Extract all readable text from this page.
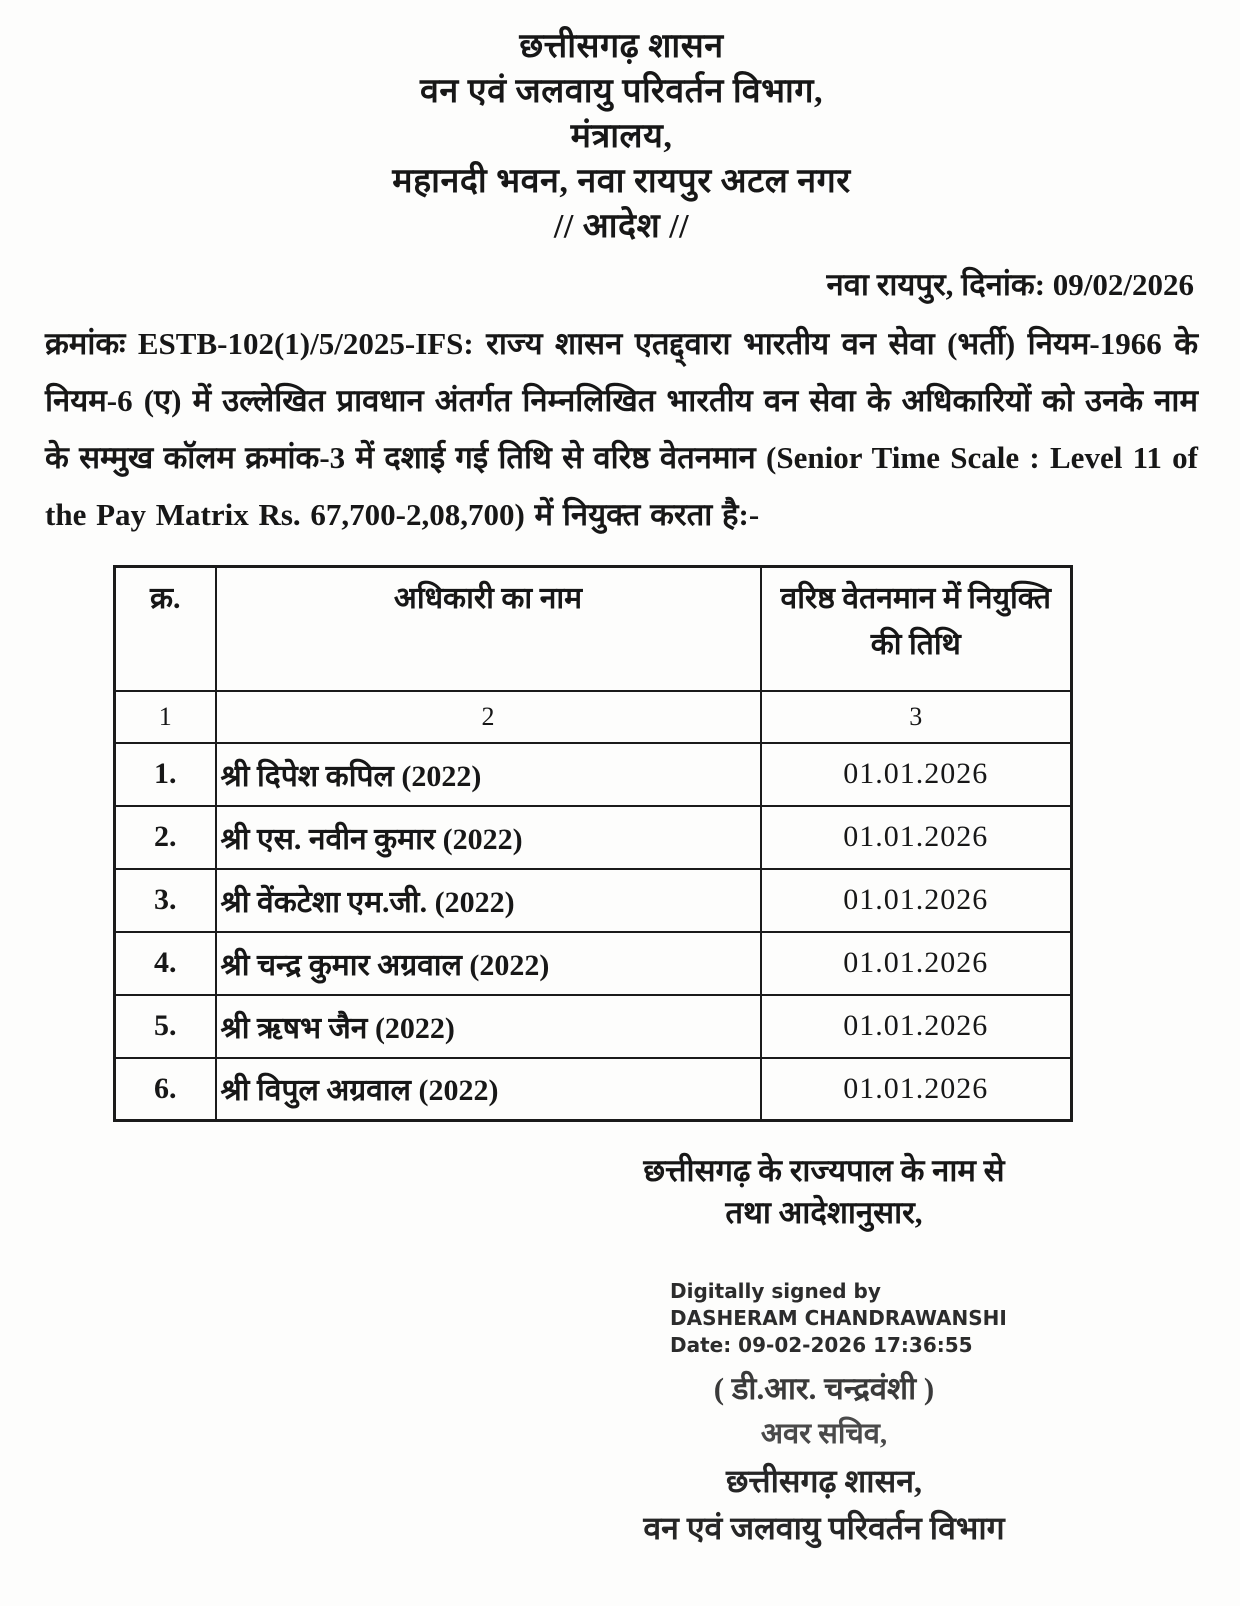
छत्तीसगढ़ शासन
वन एवं जलवायु परिवर्तन विभाग,
मंत्रालय,
महानदी भवन, नवा रायपुर अटल नगर
// आदेश //
नवा रायपुर, दिनांक: 09/02/2026

क्रमांकः ESTB-102(1)/5/2025-IFS: राज्य शासन एतद्द्वारा भारतीय वन सेवा (भर्ती) नियम-1966 के नियम-6 (ए) में उल्लेखित प्रावधान अंतर्गत निम्नलिखित भारतीय वन सेवा के अधिकारियों को उनके नाम के सम्मुख कॉलम क्रमांक-3 में दशाई गई तिथि से वरिष्ठ वेतनमान (Senior Time Scale : Level 11 of the Pay Matrix Rs. 67,700-2,08,700) में नियुक्त करता है:-

क्र.	अधिकारी का नाम	वरिष्ठ वेतनमान में नियुक्ति की तिथि
1	2	3
1.	श्री दिपेश कपिल (2022)	01.01.2026
2.	श्री एस. नवीन कुमार (2022)	01.01.2026
3.	श्री वेंकटेशा एम.जी. (2022)	01.01.2026
4.	श्री चन्द्र कुमार अग्रवाल (2022)	01.01.2026
5.	श्री ऋषभ जैन (2022)	01.01.2026
6.	श्री विपुल अग्रवाल (2022)	01.01.2026
छत्तीसगढ़ के राज्यपाल के नाम से
तथा आदेशानुसार,
Digitally signed by
DASHERAM CHANDRAWANSHI
Date: 09-02-2026 17:36:55
( डी.आर. चन्द्रवंशी )
अवर सचिव,
छत्तीसगढ़ शासन,
वन एवं जलवायु परिवर्तन विभाग
